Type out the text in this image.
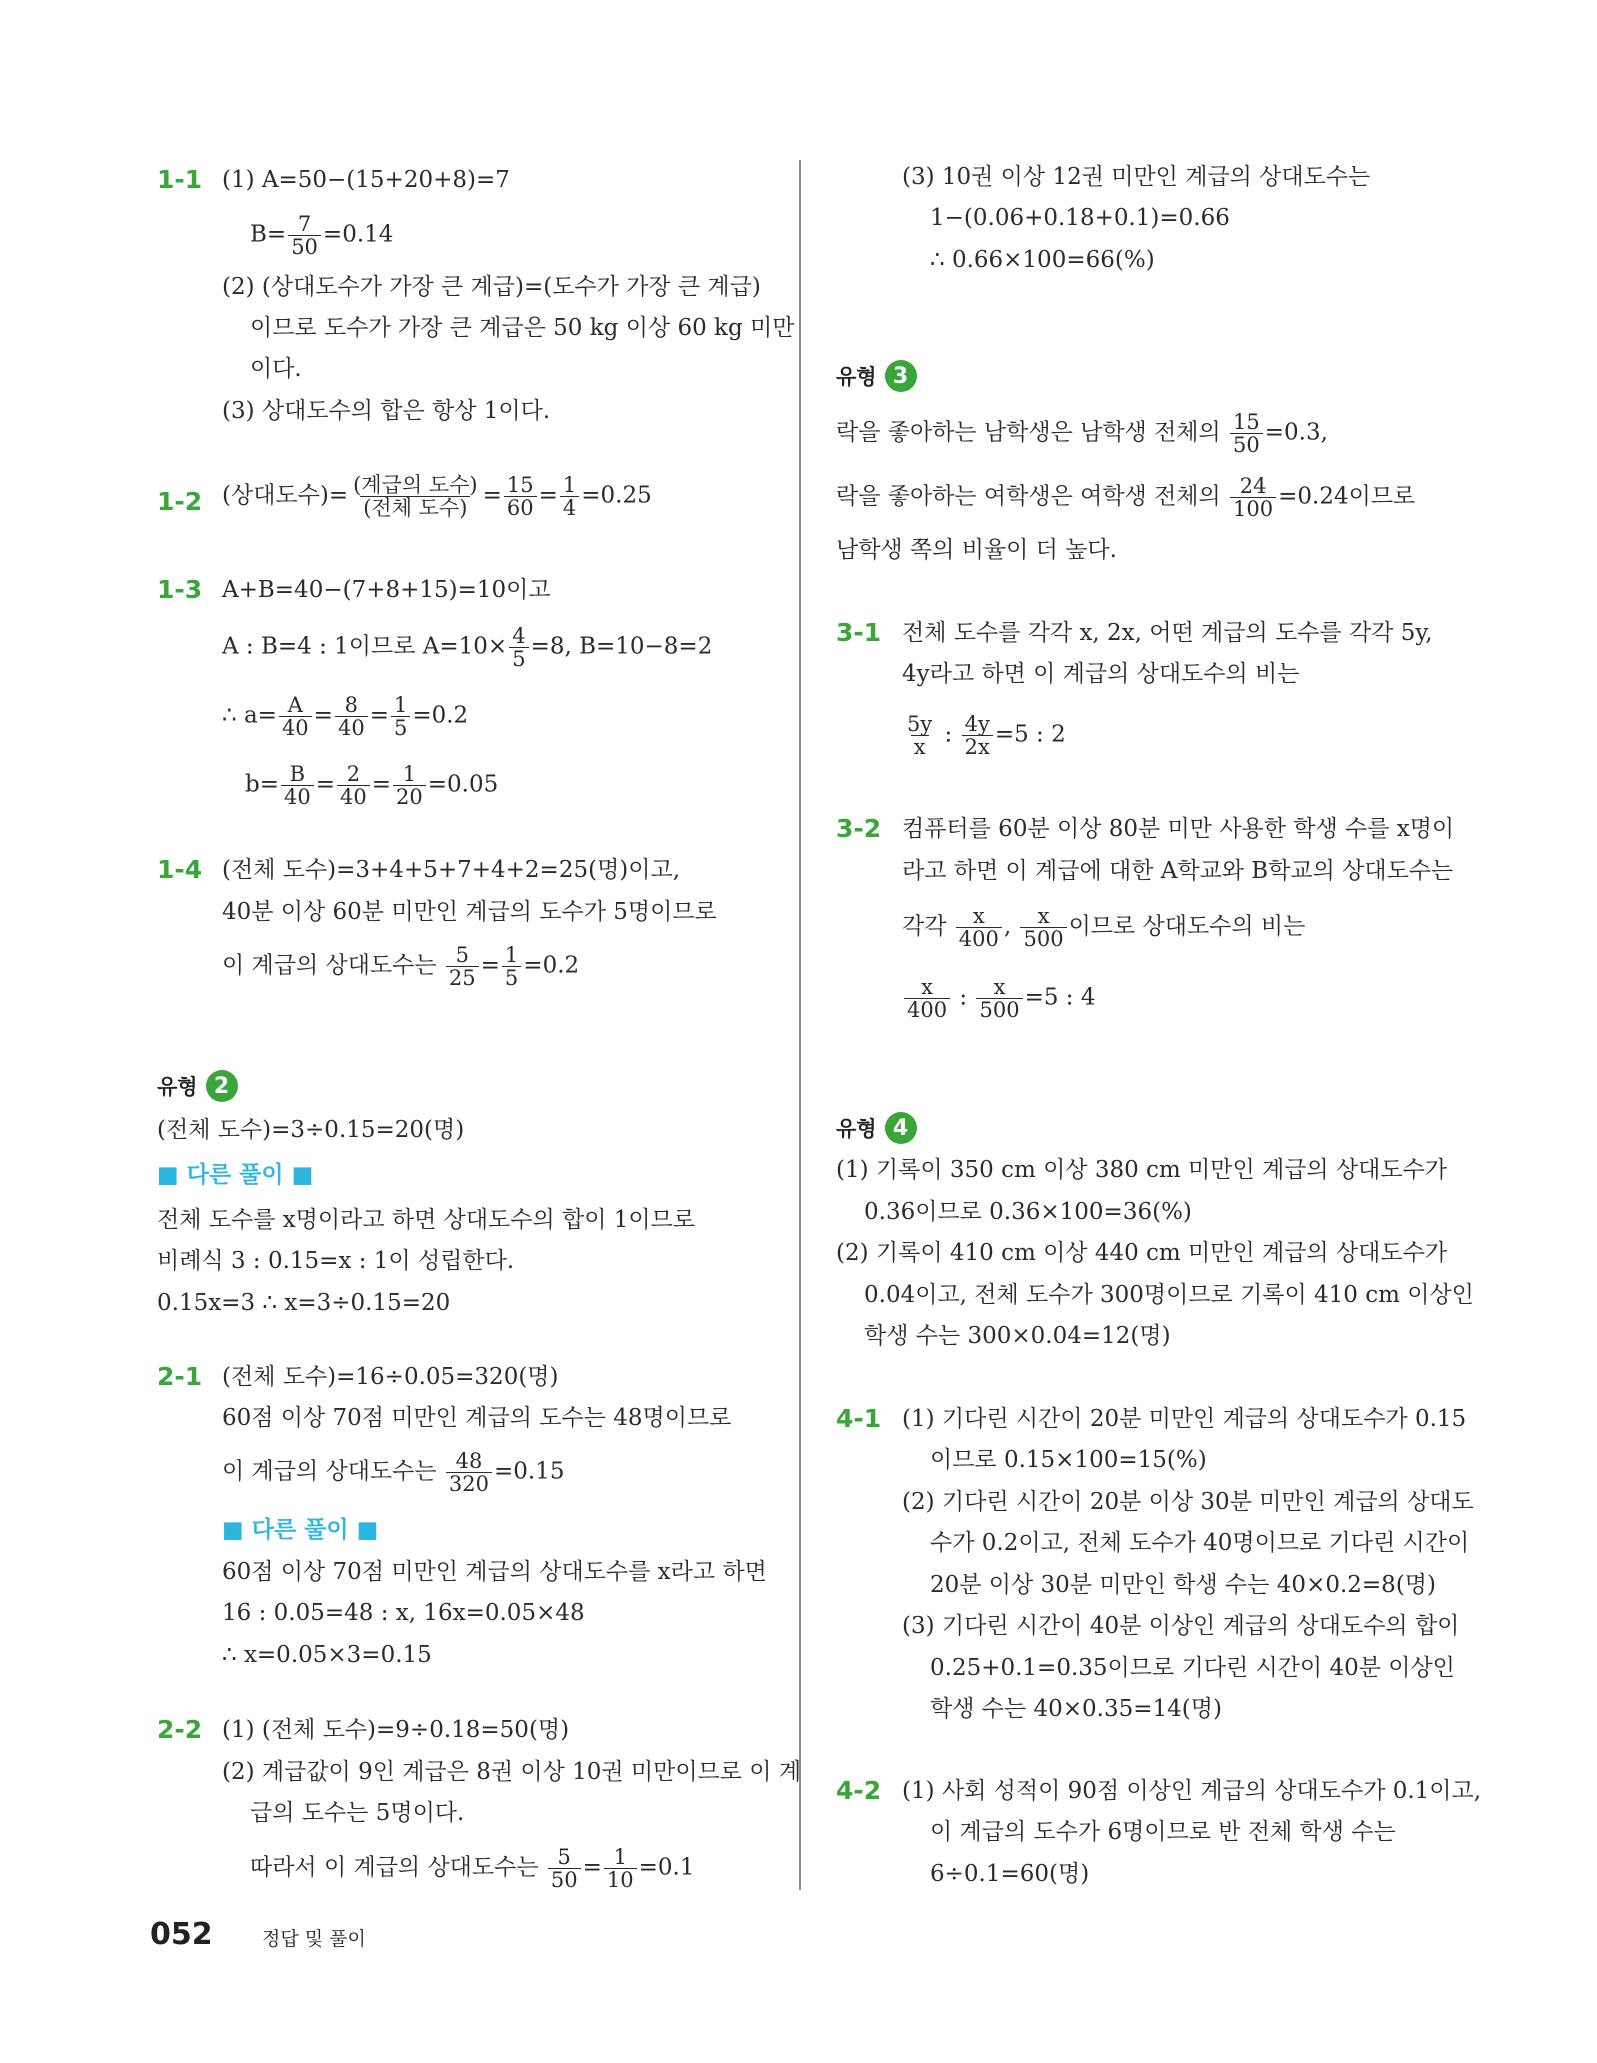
1-1 (1) A=50−(15+20+8)=7
$B= \frac{7}{50} =0.14$
(2) (상대도수가 가장 큰 계급)=(도수가 가장 큰 계급)
이므로 도수가 가장 큰 계급은 50 kg 이상 60 kg 미만
이다.
(3) 상대도수의 합은 항상 1이다.
1-2 (상대도수)= (계급의 도수)
(전체 도수) = $\frac{15}{60} = \frac{1}{4} =0.25$
1-3 A+B=40−(7+8+15)=10이고
A : B=4 : 1이므로 $A=10\times \frac{4}{5} =8$, B=10−8=2
∴ $a= \frac{A}{40} = \frac{8}{40} = \frac{1}{5} =0.2$
$b= \frac{B}{40} = \frac{2}{40} = \frac{1}{20} =0.05$
1-4 (전체 도수)=3+4+5+7+4+2=25(명)이고,
40분 이상 60분 미만인 계급의 도수가 5명이므로
이 계급의 상대도수는 $\frac{5}{25} = \frac{1}{5} =0.2$
유형 2
(전체 도수)=3÷0.15=20(명)
■ 다른 풀이 ■
전체 도수를 x명이라고 하면 상대도수의 합이 1이므로
비례식 3 : 0.15=x : 1이 성립한다.
0.15x=3 ∴ x=3÷0.15=20
2-1 (전체 도수)=16÷0.05=320(명)
60점 이상 70점 미만인 계급의 도수는 48명이므로
이 계급의 상대도수는 $\frac{48}{320} =0.15$
■ 다른 풀이 ■
60점 이상 70점 미만인 계급의 상대도수를 x라고 하면
16 : 0.05=48 : x, 16x=0.05×48
∴ x=0.05×3=0.15
2-2 (1) (전체 도수)=9÷0.18=50(명)
(2) 계급값이 9인 계급은 8권 이상 10권 미만이므로 이 계
급의 도수는 5명이다.
따라서 이 계급의 상대도수는 $\frac{5}{50} = \frac{1}{10} =0.1$
(3) 10권 이상 12권 미만인 계급의 상대도수는
1−(0.06+0.18+0.1)=0.66
∴ 0.66×100=66(%)
유형 3
락을 좋아하는 남학생은 남학생 전체의 $\frac{15}{50} =0.3$,
락을 좋아하는 여학생은 여학생 전체의 $\frac{24}{100} =0.24$이므로
남학생 쪽의 비율이 더 높다.
3-1 전체 도수를 각각 x, 2x, 어떤 계급의 도수를 각각 5y,
4y라고 하면 이 계급의 상대도수의 비는
$\frac{5y}{x}$ : $\frac{4y}{2x} =5$ : 2
3-2 컴퓨터를 60분 이상 80분 미만 사용한 학생 수를 x명이
라고 하면 이 계급에 대한 A학교와 B학교의 상대도수는
각각 $\frac{x}{400}$ , $\frac{x}{500}$ 이므로 상대도수의 비는
$\frac{x}{400}$ : $\frac{x}{500} =5$ : 4
유형 4
(1) 기록이 350 cm 이상 380 cm 미만인 계급의 상대도수가
0.36이므로 0.36×100=36(%)
(2) 기록이 410 cm 이상 440 cm 미만인 계급의 상대도수가
0.04이고, 전체 도수가 300명이므로 기록이 410 cm 이상인
학생 수는 300×0.04=12(명)
4-1 (1) 기다린 시간이 20분 미만인 계급의 상대도수가 0.15
이므로 0.15×100=15(%)
(2) 기다린 시간이 20분 이상 30분 미만인 계급의 상대도
수가 0.2이고, 전체 도수가 40명이므로 기다린 시간이
20분 이상 30분 미만인 학생 수는 40×0.2=8(명)
(3) 기다린 시간이 40분 이상인 계급의 상대도수의 합이
0.25+0.1=0.35이므로 기다린 시간이 40분 이상인
학생 수는 40×0.35=14(명)
4-2 (1) 사회 성적이 90점 이상인 계급의 상대도수가 0.1이고,
이 계급의 도수가 6명이므로 반 전체 학생 수는
6÷0.1=60(명)
052	정답 및 풀이
